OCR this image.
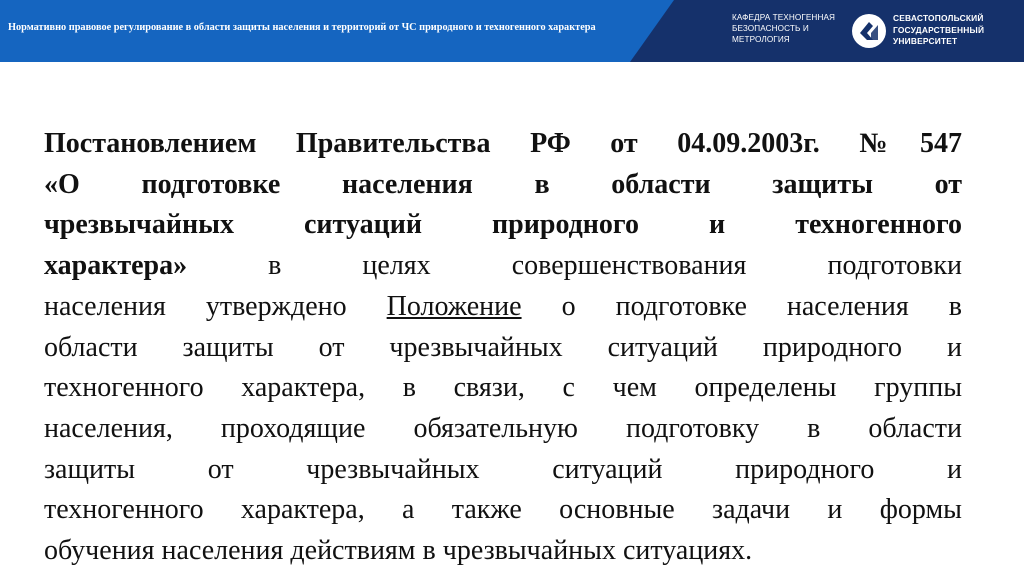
Нормативно правовое регулирование в области защиты населения и территорий от ЧС природного и техногенного характера
КАФЕДРА ТЕХНОГЕННАЯ
БЕЗОПАСНОСТЬ И
МЕТРОЛОГИЯ
СЕВАСТОПОЛЬСКИЙ
ГОСУДАРСТВЕННЫЙ
УНИВЕРСИТЕТ
Постановлением Правительства РФ от 04.09.2003г. №547
«О подготовке населения в области защиты от
чрезвычайных ситуаций природного и техногенного
характера» в целях совершенствования подготовки
населения утверждено Положение о подготовке населения в
области защиты от чрезвычайных ситуаций природного и
техногенного характера, в связи, с чем определены группы
населения, проходящие обязательную подготовку в области
защиты от чрезвычайных ситуаций природного и
техногенного характера, а также основные задачи и формы
обучения населения действиям в чрезвычайных ситуациях.
